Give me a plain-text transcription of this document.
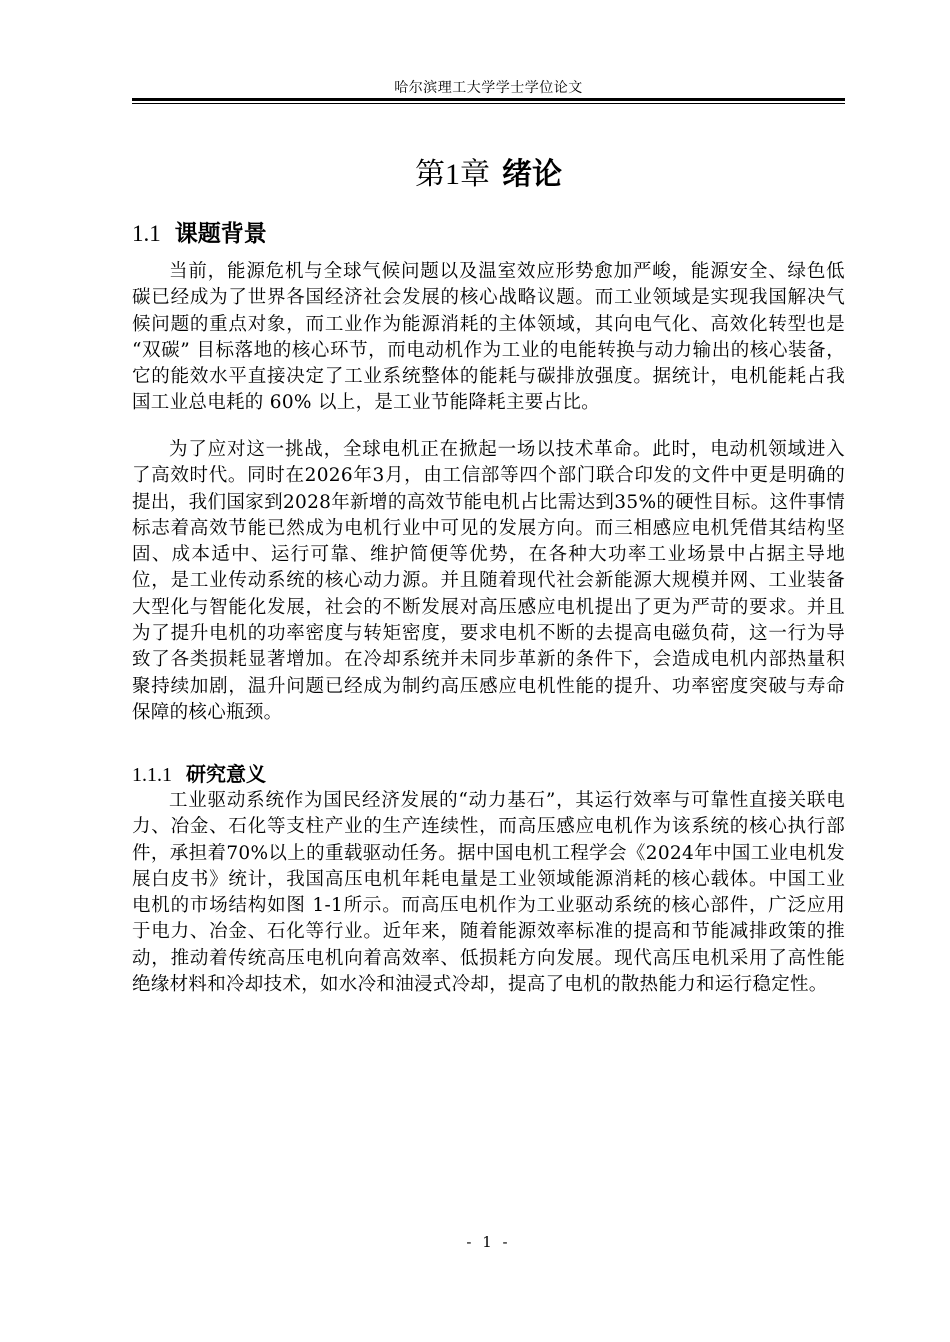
哈尔滨理工大学学士学位论文
第1章 绪论
1.1 课题背景

当前，能源危机与全球气候问题以及温室效应形势愈加严峻，能源安全、绿色低碳已经成为了世界各国经济社会发展的核心战略议题。而工业领域是实现我国解决气候问题的重点对象，而工业作为能源消耗的主体领域，其向电气化、高效化转型也是 “双碳” 目标落地的核心环节，而电动机作为工业的电能转换与动力输出的核心装备，它的能效水平直接决定了工业系统整体的能耗与碳排放强度。据统计，电机能耗占我国工业总电耗的 60% 以上，是工业节能降耗主要占比。

为了应对这一挑战，全球电机正在掀起一场以技术革命。此时，电动机领域进入了高效时代。同时在2026年3月，由工信部等四个部门联合印发的文件中更是明确的提出，我们国家到2028年新增的高效节能电机占比需达到35%的硬性目标。这件事情标志着高效节能已然成为电机行业中可见的发展方向。而三相感应电机凭借其结构坚固、成本适中、运行可靠、维护简便等优势，在各种大功率工业场景中占据主导地位，是工业传动系统的核心动力源。并且随着现代社会新能源大规模并网、工业装备大型化与智能化发展，社会的不断发展对高压感应电机提出了更为严苛的要求。并且为了提升电机的功率密度与转矩密度，要求电机不断的去提高电磁负荷，这一行为导致了各类损耗显著增加。在冷却系统并未同步革新的条件下，会造成电机内部热量积聚持续加剧，温升问题已经成为制约高压感应电机性能的提升、功率密度突破与寿命保障的核心瓶颈。

1.1.1 研究意义

工业驱动系统作为国民经济发展的“动力基石”，其运行效率与可靠性直接关联电力、冶金、石化等支柱产业的生产连续性，而高压感应电机作为该系统的核心执行部件，承担着70%以上的重载驱动任务。据中国电机工程学会《2024年中国工业电机发展白皮书》统计，我国高压电机年耗电量是工业领域能源消耗的核心载体。中国工业电机的市场结构如图 1-1所示。而高压电机作为工业驱动系统的核心部件，广泛应用于电力、冶金、石化等行业。近年来，随着能源效率标准的提高和节能减排政策的推动，推动着传统高压电机向着高效率、低损耗方向发展。现代高压电机采用了高性能绝缘材料和冷却技术，如水冷和油浸式冷却，提高了电机的散热能力和运行稳定性。

- 1 -
